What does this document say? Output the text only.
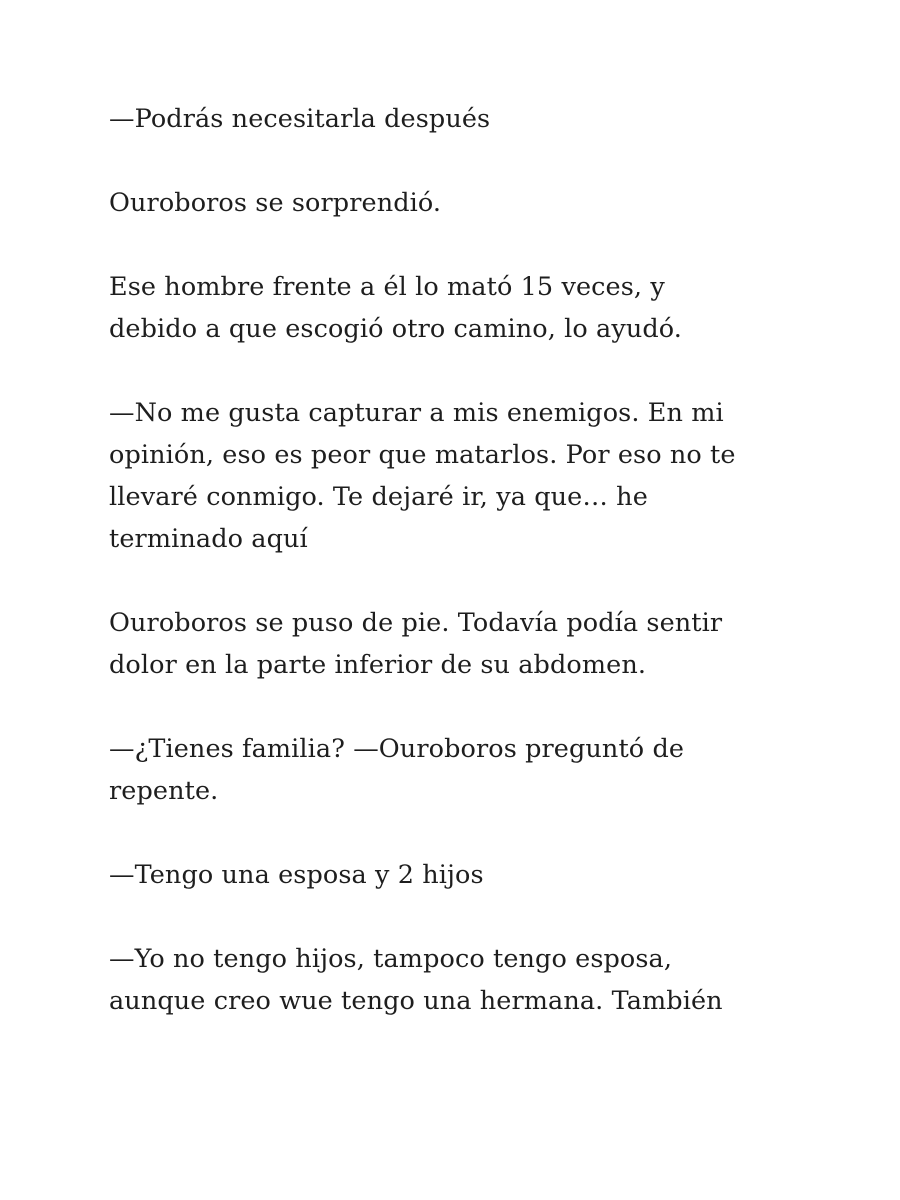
—Podrás necesitarla después

Ouroboros se sorprendió.

Ese hombre frente a él lo mató 15 veces, y
debido a que escogió otro camino, lo ayudó.

—No me gusta capturar a mis enemigos. En mi
opinión, eso es peor que matarlos. Por eso no te
llevaré conmigo. Te dejaré ir, ya que… he
terminado aquí

Ouroboros se puso de pie. Todavía podía sentir
dolor en la parte inferior de su abdomen.

—¿Tienes familia? —Ouroboros preguntó de
repente.

—Tengo una esposa y 2 hijos

—Yo no tengo hijos, tampoco tengo esposa,
aunque creo wue tengo una hermana. También
